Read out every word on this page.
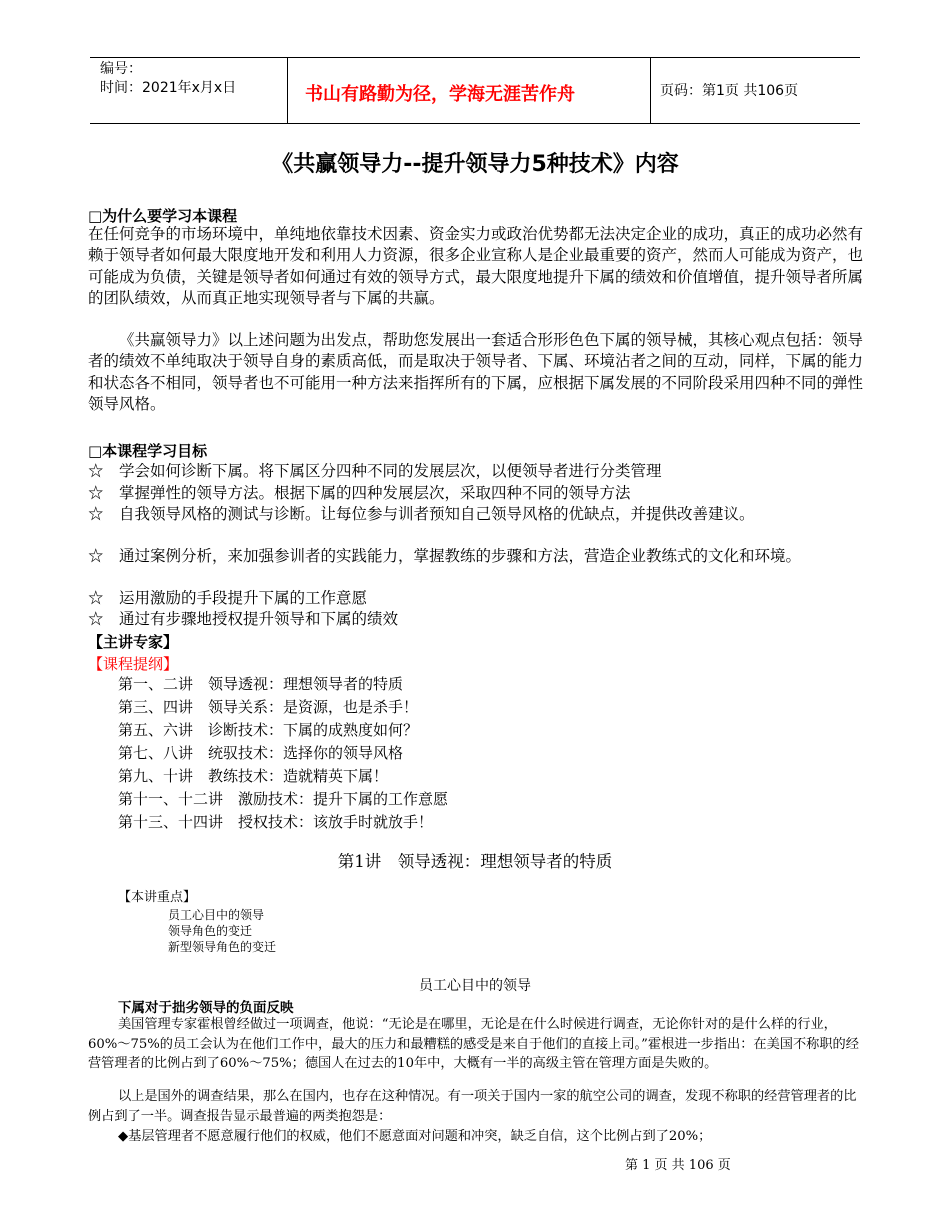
编号：
时间：2021年x月x日	书山有路勤为径，学海无涯苦作舟	页码：第1页 共106页
《共赢领导力--提升领导力5种技术》内容
□为什么要学习本课程
在任何竞争的市场环境中，单纯地依靠技术因素、资金实力或政治优势都无法决定企业的成功，真正的成功必然有赖于领导者如何最大限度地开发和利用人力资源，很多企业宣称人是企业最重要的资产，然而人可能成为资产，也可能成为负债，关键是领导者如何通过有效的领导方式，最大限度地提升下属的绩效和价值增值，提升领导者所属的团队绩效，从而真正地实现领导者与下属的共赢。
《共赢领导力》以上述问题为出发点，帮助您发展出一套适合形形色色下属的领导械，其核心观点包括：领导者的绩效不单纯取决于领导自身的素质高低，而是取决于领导者、下属、环境沾者之间的互动，同样，下属的能力和状态各不相同，领导者也不可能用一种方法来指挥所有的下属，应根据下属发展的不同阶段采用四种不同的弹性领导风格。
□本课程学习目标
☆　学会如何诊断下属。将下属区分四种不同的发展层次，以便领导者进行分类管理
☆　掌握弹性的领导方法。根据下属的四种发展层次，采取四种不同的领导方法
☆　自我领导风格的测试与诊断。让每位参与训者预知自己领导风格的优缺点，并提供改善建议。
☆　通过案例分析，来加强参训者的实践能力，掌握教练的步骤和方法，营造企业教练式的文化和环境。
☆　运用激励的手段提升下属的工作意愿
☆　通过有步骤地授权提升领导和下属的绩效
【主讲专家】
【课程提纲】
第一、二讲　领导透视：理想领导者的特质
第三、四讲　领导关系：是资源，也是杀手！
第五、六讲　诊断技术：下属的成熟度如何？
第七、八讲　统驭技术：选择你的领导风格
第九、十讲　教练技术：造就精英下属！
第十一、十二讲　激励技术：提升下属的工作意愿
第十三、十四讲　授权技术：该放手时就放手！
第1讲　领导透视：理想领导者的特质
【本讲重点】
员工心目中的领导
领导角色的变迁
新型领导角色的变迁
员工心目中的领导
下属对于拙劣领导的负面反映
美国管理专家霍根曾经做过一项调查，他说：“无论是在哪里，无论是在什么时候进行调查，无论你针对的是什么样的行业，60%～75%的员工会认为在他们工作中，最大的压力和最糟糕的感受是来自于他们的直接上司。”霍根进一步指出：在美国不称职的经营管理者的比例占到了60%～75%；德国人在过去的10年中，大概有一半的高级主管在管理方面是失败的。
以上是国外的调查结果，那么在国内，也存在这种情况。有一项关于国内一家的航空公司的调查，发现不称职的经营管理者的比例占到了一半。调查报告显示最普遍的两类抱怨是：
◆基层管理者不愿意履行他们的权威，他们不愿意面对问题和冲突，缺乏自信，这个比例占到了20%；
第 1 页 共 106 页
